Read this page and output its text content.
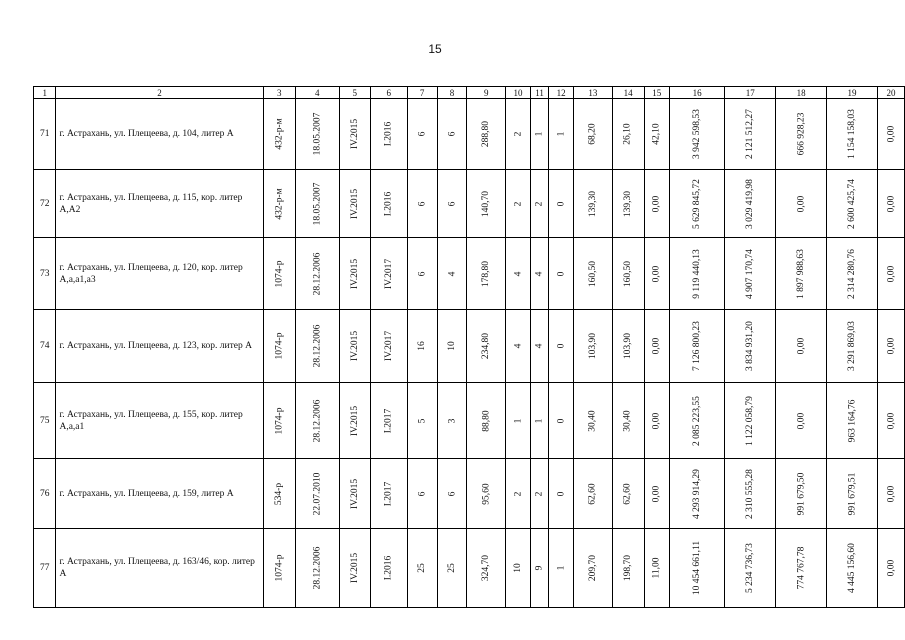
15
1	2	3	4	5	6	7	8	9	10	11	12	13	14	15	16	17	18	19	20
71	г. Астрахань, ул. Плещеева, д. 104, литер А	432-р-м	18.05.2007	IV.2015	I.2016	6	6	288,80	2	1	1	68,20	26,10	42,10	3 942 598,53	2 121 512,27	666 928,23	1 154 158,03	0,00
72	г. Астрахань, ул. Плещеева, д. 115, кор. литер А,А2	432-р-м	18.05.2007	IV.2015	I.2016	6	6	140,70	2	2	0	139,30	139,30	0,00	5 629 845,72	3 029 419,98	0,00	2 600 425,74	0,00
73	г. Астрахань, ул. Плещеева, д. 120, кор. литер А,а,а1,а3	1074-р	28.12.2006	IV.2015	IV.2017	6	4	178,80	4	4	0	160,50	160,50	0,00	9 119 440,13	4 907 170,74	1 897 988,63	2 314 280,76	0,00
74	г. Астрахань, ул. Плещеева, д. 123, кор. литер А	1074-р	28.12.2006	IV.2015	IV.2017	16	10	234,80	4	4	0	103,90	103,90	0,00	7 126 800,23	3 834 931,20	0,00	3 291 869,03	0,00
75	г. Астрахань, ул. Плещеева, д. 155, кор. литер А,а,а1	1074-р	28.12.2006	IV.2015	I.2017	5	3	88,80	1	1	0	30,40	30,40	0,00	2 085 223,55	1 122 058,79	0,00	963 164,76	0,00
76	г. Астрахань, ул. Плещеева, д. 159, литер А	534-р	22.07.2010	IV.2015	I.2017	6	6	95,60	2	2	0	62,60	62,60	0,00	4 293 914,29	2 310 555,28	991 679,50	991 679,51	0,00
77	г. Астрахань, ул. Плещеева, д. 163/46, кор. литер А	1074-р	28.12.2006	IV.2015	I.2016	25	25	324,70	10	9	1	209,70	198,70	11,00	10 454 661,11	5 234 736,73	774 767,78	4 445 156,60	0,00
